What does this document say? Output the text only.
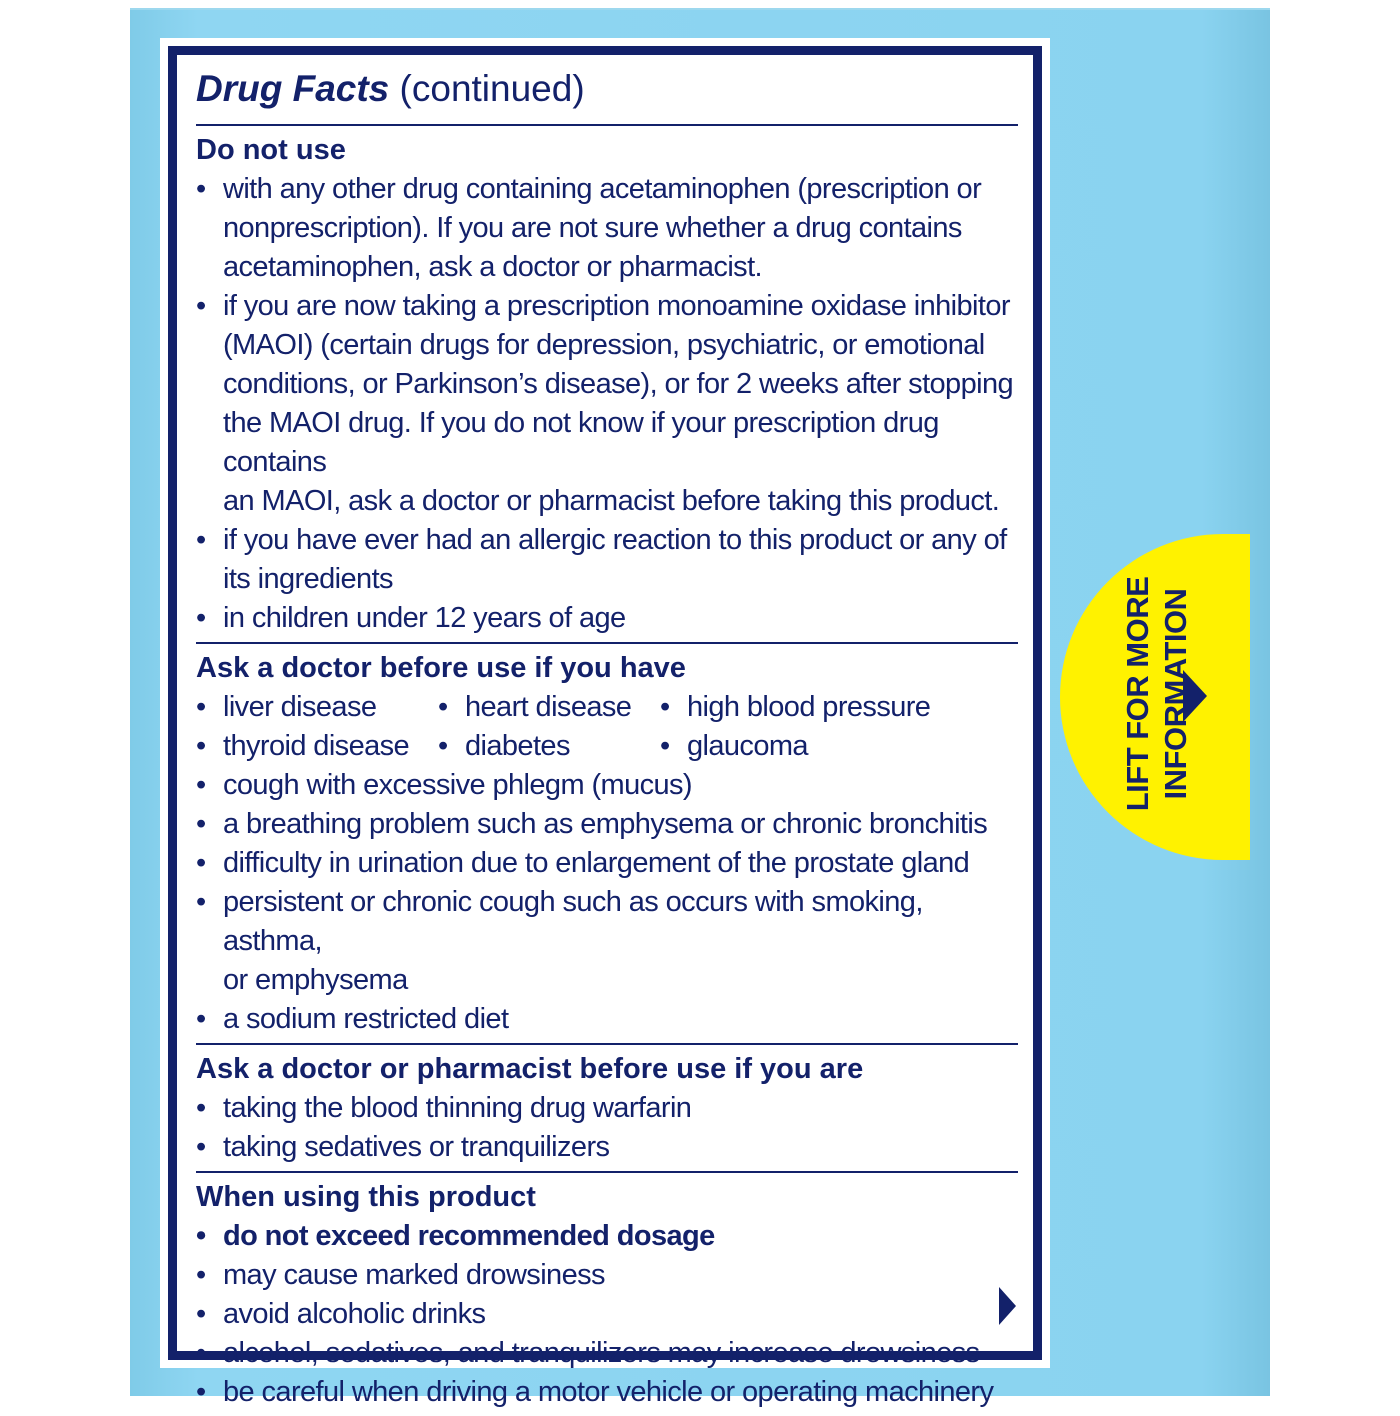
Drug Facts (continued)
Do not use
• with any other drug containing acetaminophen (prescription or
nonprescription). If you are not sure whether a drug contains
acetaminophen, ask a doctor or pharmacist.
• if you are now taking a prescription monoamine oxidase inhibitor
(MAOI) (certain drugs for depression, psychiatric, or emotional
conditions, or Parkinson’s disease), or for 2 weeks after stopping
the MAOI drug. If you do not know if your prescription drug contains
an MAOI, ask a doctor or pharmacist before taking this product.
• if you have ever had an allergic reaction to this product or any of
its ingredients
• in children under 12 years of age
Ask a doctor before use if you have
• liver disease • heart disease • high blood pressure
• thyroid disease • diabetes	• glaucoma
• cough with excessive phlegm (mucus)
• a breathing problem such as emphysema or chronic bronchitis
• difficulty in urination due to enlargement of the prostate gland
• persistent or chronic cough such as occurs with smoking, asthma,
or emphysema
• a sodium restricted diet
Ask a doctor or pharmacist before use if you are
• taking the blood thinning drug warfarin
• taking sedatives or tranquilizers
When using this product
• do not exceed recommended dosage
• may cause marked drowsiness
• avoid alcoholic drinks
• alcohol, sedatives, and tranquilizers may increase drowsiness
• be careful when driving a motor vehicle or operating machinery
LIFT FOR MORE INFORMATION
